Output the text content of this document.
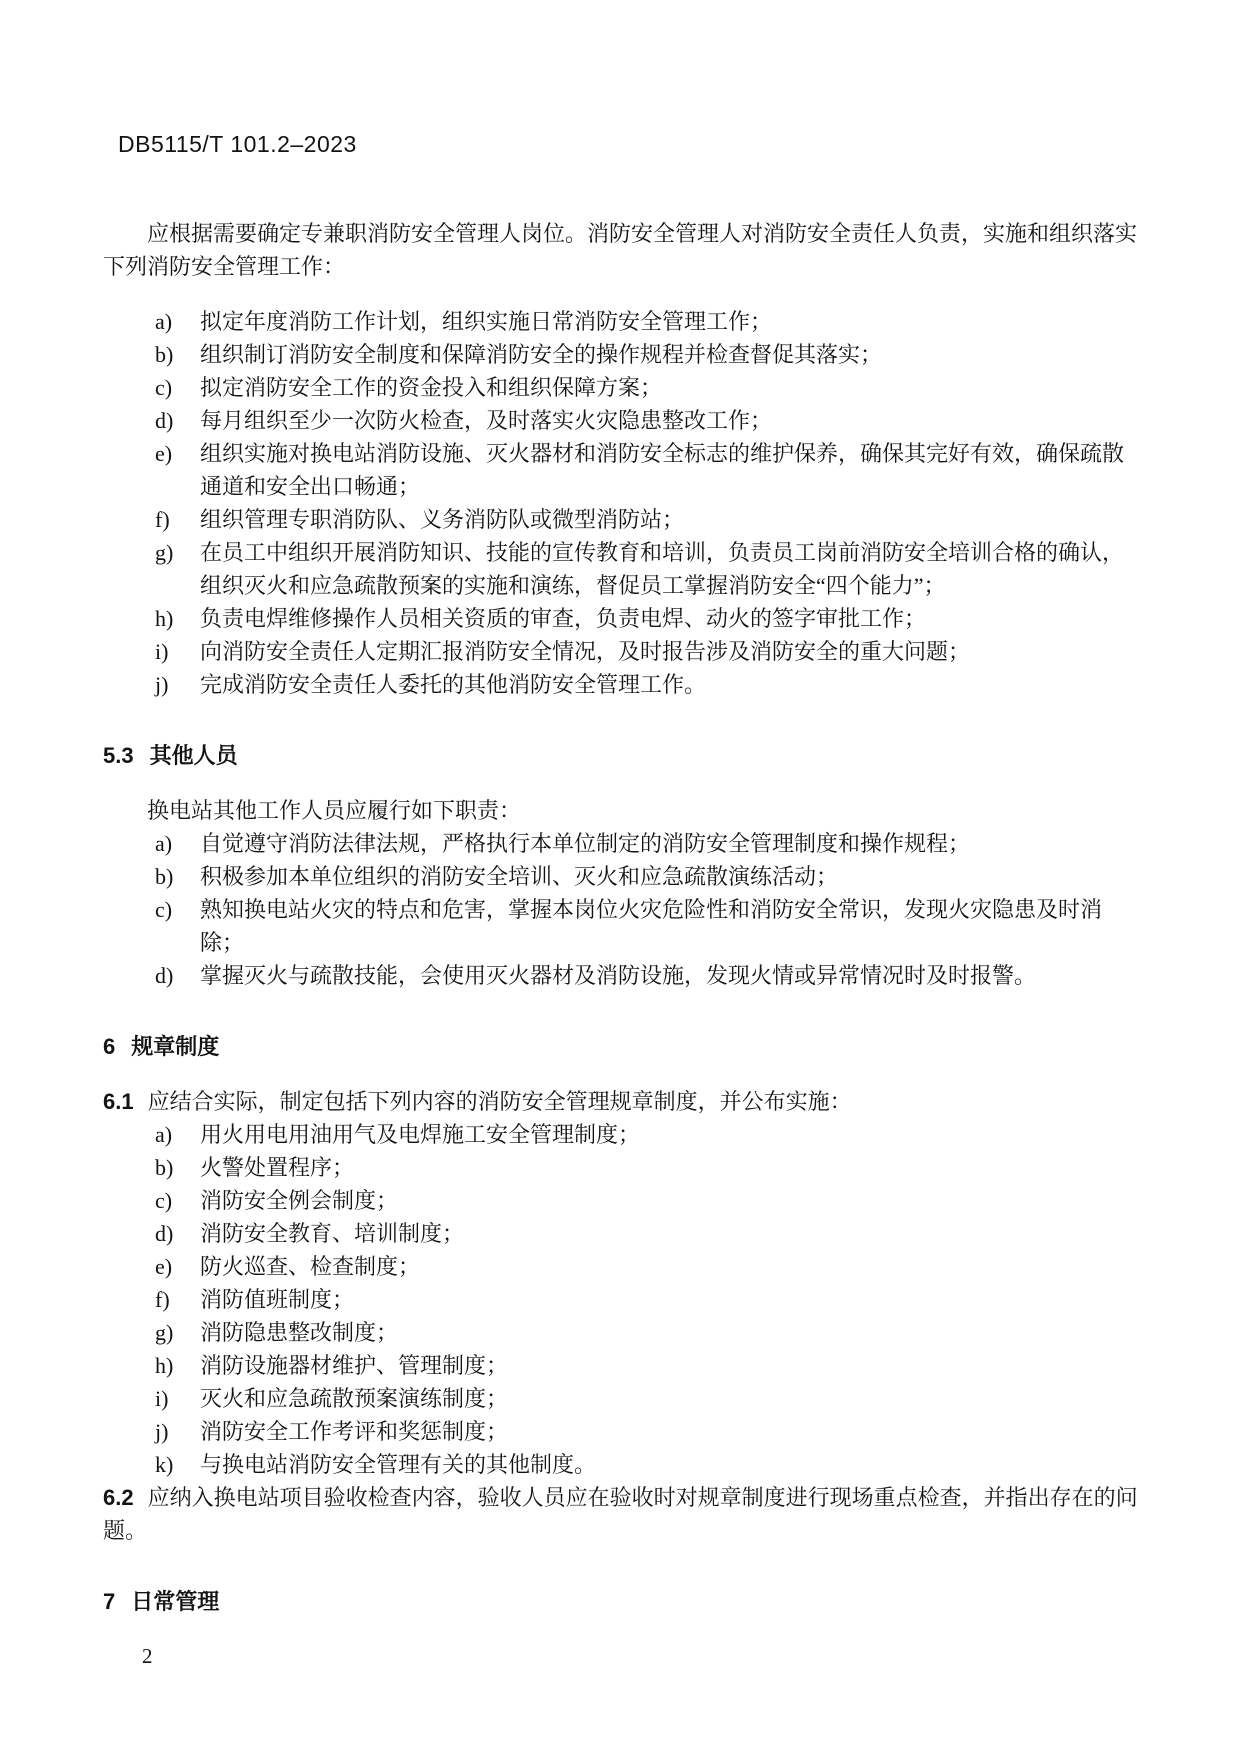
DB5115/T 101.2–2023

应根据需要确定专兼职消防安全管理人岗位。消防安全管理人对消防安全责任人负责，实施和组织落实下列消防安全管理工作：

a)	拟定年度消防工作计划，组织实施日常消防安全管理工作；
b)	组织制订消防安全制度和保障消防安全的操作规程并检查督促其落实；
c)	拟定消防安全工作的资金投入和组织保障方案；
d)	每月组织至少一次防火检查，及时落实火灾隐患整改工作；
e)	组织实施对换电站消防设施、灭火器材和消防安全标志的维护保养，确保其完好有效，确保疏散通道和安全出口畅通；
f)	组织管理专职消防队、义务消防队或微型消防站；
g)	在员工中组织开展消防知识、技能的宣传教育和培训，负责员工岗前消防安全培训合格的确认，组织灭火和应急疏散预案的实施和演练，督促员工掌握消防安全“四个能力”；
h)	负责电焊维修操作人员相关资质的审查，负责电焊、动火的签字审批工作；
i)	向消防安全责任人定期汇报消防安全情况，及时报告涉及消防安全的重大问题；
j)	完成消防安全责任人委托的其他消防安全管理工作。
5.3 其他人员

换电站其他工作人员应履行如下职责：

a)	自觉遵守消防法律法规，严格执行本单位制定的消防安全管理制度和操作规程；
b)	积极参加本单位组织的消防安全培训、灭火和应急疏散演练活动；
c)	熟知换电站火灾的特点和危害，掌握本岗位火灾危险性和消防安全常识，发现火灾隐患及时消除；
d)	掌握灭火与疏散技能，会使用灭火器材及消防设施，发现火情或异常情况时及时报警。
6 规章制度

6.1 应结合实际，制定包括下列内容的消防安全管理规章制度，并公布实施：

a)	用火用电用油用气及电焊施工安全管理制度；
b)	火警处置程序；
c)	消防安全例会制度；
d)	消防安全教育、培训制度；
e)	防火巡查、检查制度；
f)	消防值班制度；
g)	消防隐患整改制度；
h)	消防设施器材维护、管理制度；
i)	灭火和应急疏散预案演练制度；
j)	消防安全工作考评和奖惩制度；
k)	与换电站消防安全管理有关的其他制度。

6.2 应纳入换电站项目验收检查内容，验收人员应在验收时对规章制度进行现场重点检查，并指出存在的问题。

7 日常管理
2
